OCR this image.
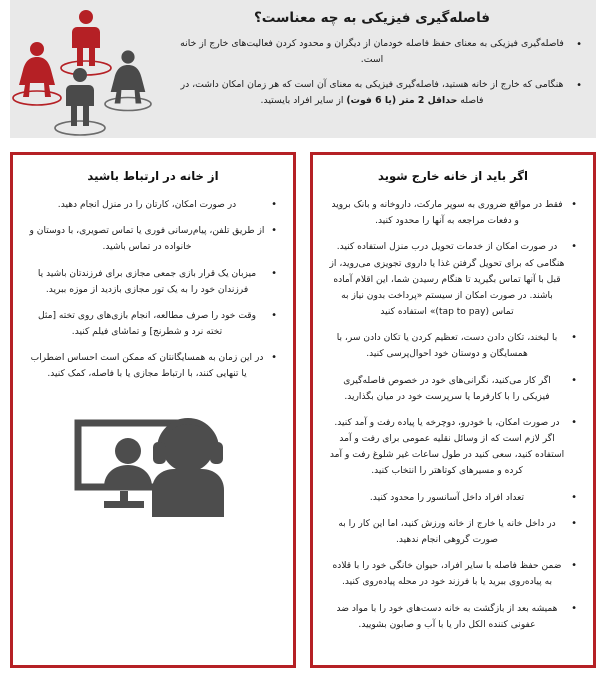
فاصله‌گیری فیزیکی به چه معناست؟
• فاصله‌گیری فیزیکی به معنای حفظ فاصله خودمان از دیگران و محدود کردن فعالیت‌های خارج از خانه است.
• هنگامی که خارج از خانه هستید، فاصله‌گیری فیزیکی به معنای آن است که هر زمان امکان داشت، در فاصله حداقل 2 متر (یا 6 فوت) از سایر افراد بایستید.
اگر باید از خانه خارج شوید
• فقط در مواقع ضروری به سوپر مارکت، داروخانه و بانک بروید و دفعات مراجعه به آنها را محدود کنید.
• در صورت امکان از خدمات تحویل درب منزل استفاده کنید. هنگامی که برای تحویل گرفتن غذا یا داروی تجویزی می‌روید، از قبل با آنها تماس بگیرید تا هنگام رسیدن شما، این اقلام آماده باشند. در صورت امکان از سیستم «پرداخت بدون نیاز به تماس (tap to pay)» استفاده کنید
• با لبخند، تکان دادن دست، تعظیم کردن یا تکان دادن سر، با همسایگان و دوستان خود احوال‌پرسی کنید.
• اگر کار می‌کنید، نگرانی‌های خود در خصوص فاصله‌گیری فیزیکی را با کارفرما یا سرپرست خود در میان بگذارید.
• در صورت امکان، با خودرو، دوچرخه یا پیاده رفت و آمد کنید. اگر لازم است که از وسائل نقلیه عمومی برای رفت و آمد استفاده کنید، سعی کنید در طول ساعات غیر شلوغ رفت و آمد کرده و مسیرهای کوتاهتر را انتخاب کنید.
• تعداد افراد داخل آسانسور را محدود کنید.
• در داخل خانه یا خارج از خانه ورزش کنید، اما این کار را به صورت گروهی انجام ندهید.
• ضمن حفظ فاصله با سایر افراد، حیوان خانگی خود را با قلاده به پیاده‌روی ببرید یا با فرزند خود در محله پیاده‌روی کنید.
• همیشه بعد از بازگشت به خانه دست‌های خود را با مواد ضد عفونی کننده الکل دار یا با آب و صابون بشویید.
از خانه در ارتباط باشید
• در صورت امکان، کارتان را در منزل انجام دهید.
• از طریق تلفن، پیام‌رسانی فوری یا تماس تصویری، با دوستان و خانواده در تماس باشید.
• میزبان یک قرار بازی جمعی مجازی برای فرزندتان باشید یا فرزندان خود را به یک تور مجازی بازدید از موزه ببرید.
• وقت خود را صرف مطالعه، انجام بازی‌های روی تخته [مثل تخته نرد و شطرنج] و تماشای فیلم کنید.
• در این زمان به همسایگانتان که ممکن است احساس اضطراب یا تنهایی کنند، با ارتباط مجازی یا با فاصله، کمک کنید.
